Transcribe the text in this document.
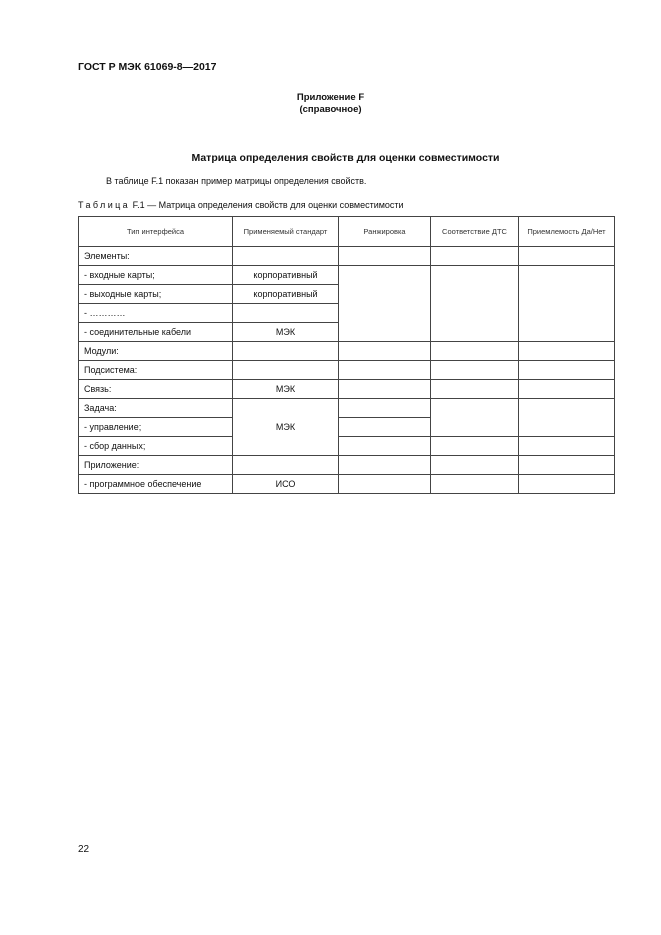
ГОСТ Р МЭК 61069-8—2017
Приложение F
(справочное)
Матрица определения свойств для оценки совместимости
В таблице F.1 показан пример матрицы определения свойств.
Таблица F.1 — Матрица определения свойств для оценки совместимости
Тип интерфейса	Применяемый стандарт	Ранжировка	Соответствие ДТС	Приемлемость Да/Нет
Элементы:				
- входные карты;	корпоративный			
- выходные карты;	корпоративный			
- …………				
- соединительные кабели	МЭК			
Модули:				
Подсистема:				
Связь:	МЭК			
Задача:	МЭК			
- управление;				
- сбор данных;				
Приложение:				
- программное обеспечение	ИСО			
22
